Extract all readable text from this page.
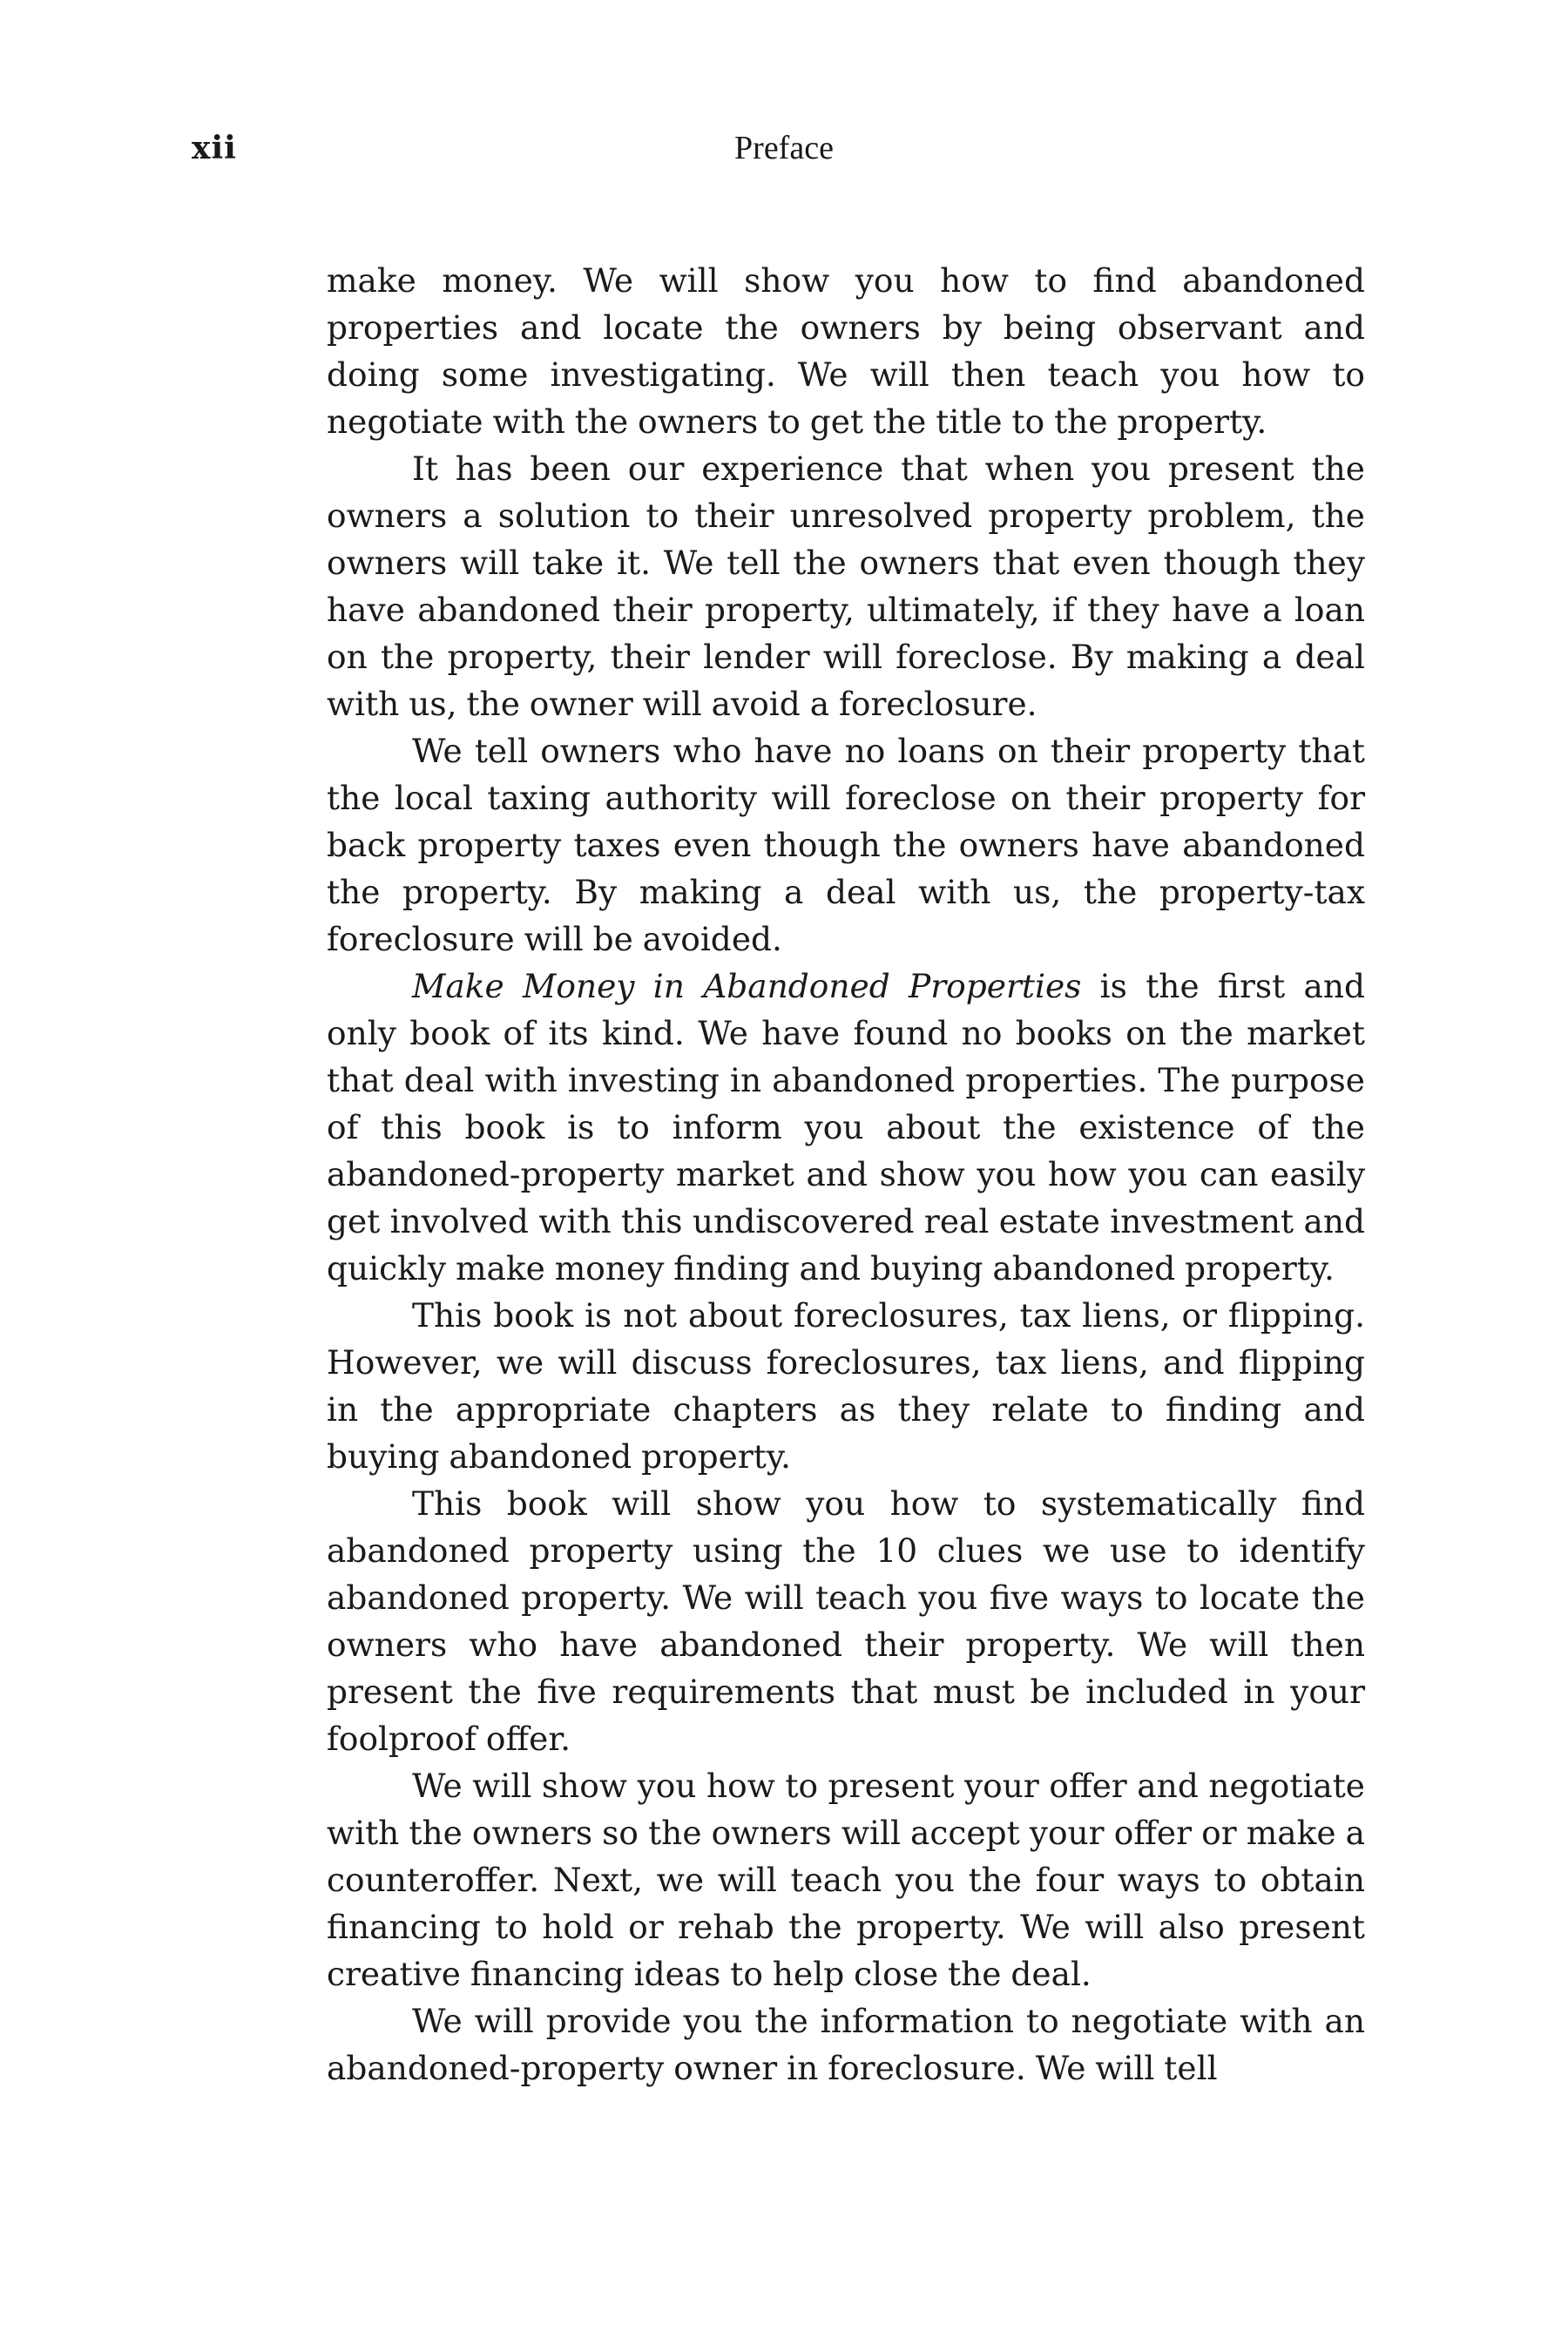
xii	Preface

make money. We will show you how to find abandoned properties and locate the owners by being observant and doing some investigating. We will then teach you how to negotiate with the owners to get the title to the property.

It has been our experience that when you present the owners a solution to their unresolved property problem, the owners will take it. We tell the owners that even though they have abandoned their property, ultimately, if they have a loan on the property, their lender will foreclose. By making a deal with us, the owner will avoid a foreclosure.

We tell owners who have no loans on their property that the local taxing authority will foreclose on their property for back property taxes even though the owners have abandoned the property. By making a deal with us, the property-tax foreclosure will be avoided.

Make Money in Abandoned Properties is the first and only book of its kind. We have found no books on the market that deal with investing in abandoned properties. The purpose of this book is to inform you about the existence of the abandoned-property market and show you how you can easily get involved with this undiscovered real estate investment and quickly make money finding and buying abandoned property.

This book is not about foreclosures, tax liens, or flipping. However, we will discuss foreclosures, tax liens, and flipping in the appropriate chapters as they relate to finding and buying abandoned property.

This book will show you how to systematically find abandoned property using the 10 clues we use to identify abandoned property. We will teach you five ways to locate the owners who have abandoned their property. We will then present the five requirements that must be included in your foolproof offer.

We will show you how to present your offer and negotiate with the owners so the owners will accept your offer or make a counteroffer. Next, we will teach you the four ways to obtain financing to hold or rehab the property. We will also present creative financing ideas to help close the deal.

We will provide you the information to negotiate with an abandoned-property owner in foreclosure. We will tell
